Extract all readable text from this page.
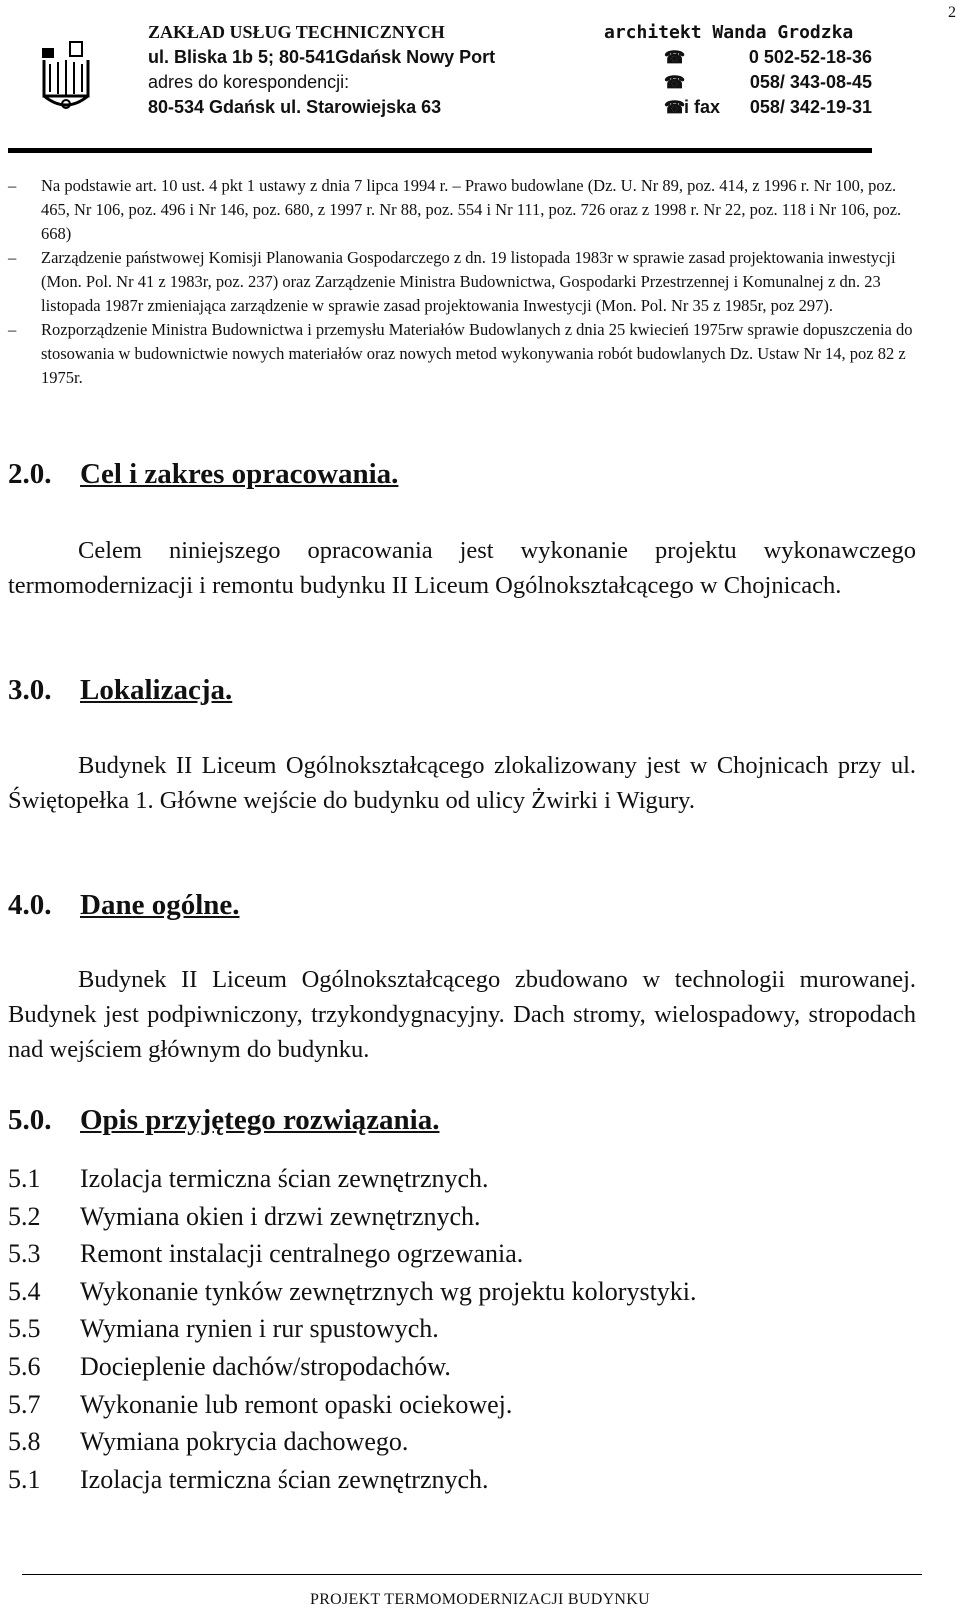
2
ZAKŁAD USŁUG TECHNICZNYCH
ul. Bliska 1b 5; 80-541Gdańsk Nowy Port
adres do korespondencji:
80-534 Gdańsk ul. Starowiejska 63
architekt Wanda Grodzka
☎	0 502-52-18-36
☎	058/ 343-08-45
☎
i fax 058/ 342-19-31
– Na podstawie art. 10 ust. 4 pkt 1 ustawy z dnia 7 lipca 1994 r. – Prawo budowlane (Dz. U. Nr 89, poz. 414, z 1996 r. Nr 100, poz. 465, Nr 106, poz. 496 i Nr 146, poz. 680, z 1997 r. Nr 88, poz. 554 i Nr 111, poz. 726 oraz z 1998 r. Nr 22, poz. 118 i Nr 106, poz. 668)
– Zarządzenie państwowej Komisji Planowania Gospodarczego z dn. 19 listopada 1983r w sprawie zasad projektowania inwestycji (Mon. Pol. Nr 41 z 1983r, poz. 237) oraz Zarządzenie Ministra Budownictwa, Gospodarki Przestrzennej i Komunalnej z dn. 23 listopada 1987r zmieniająca zarządzenie w sprawie zasad projektowania Inwestycji (Mon. Pol. Nr 35 z 1985r, poz 297).
– Rozporządzenie Ministra Budownictwa i przemysłu Materiałów Budowlanych z dnia 25 kwiecień 1975rw sprawie dopuszczenia do stosowania w budownictwie nowych materiałów oraz nowych metod wykonywania robót budowlanych Dz. Ustaw Nr 14, poz 82 z 1975r.
2.0. Cel i zakres opracowania.
Celem niniejszego opracowania jest wykonanie projektu wykonawczego termomodernizacji i remontu budynku II Liceum Ogólnokształcącego w Chojnicach.
3.0. Lokalizacja.
Budynek II Liceum Ogólnokształcącego zlokalizowany jest w Chojnicach przy ul. Świętopełka 1. Główne wejście do budynku od ulicy Żwirki i Wigury.
4.0. Dane ogólne.
Budynek II Liceum Ogólnokształcącego zbudowano w technologii murowanej. Budynek jest podpiwniczony, trzykondygnacyjny. Dach stromy, wielospadowy, stropodach nad wejściem głównym do budynku.
5.0. Opis przyjętego rozwiązania.
5.1 Izolacja termiczna ścian zewnętrznych.
5.2 Wymiana okien i drzwi zewnętrznych.
5.3 Remont instalacji centralnego ogrzewania.
5.4 Wykonanie tynków zewnętrznych wg projektu kolorystyki.
5.5 Wymiana rynien i rur spustowych.
5.6 Docieplenie dachów/stropodachów.
5.7 Wykonanie lub remont opaski ociekowej.
5.8 Wymiana pokrycia dachowego.
5.1 Izolacja termiczna ścian zewnętrznych.
PROJEKT TERMOMODERNIZACJI BUDYNKU
